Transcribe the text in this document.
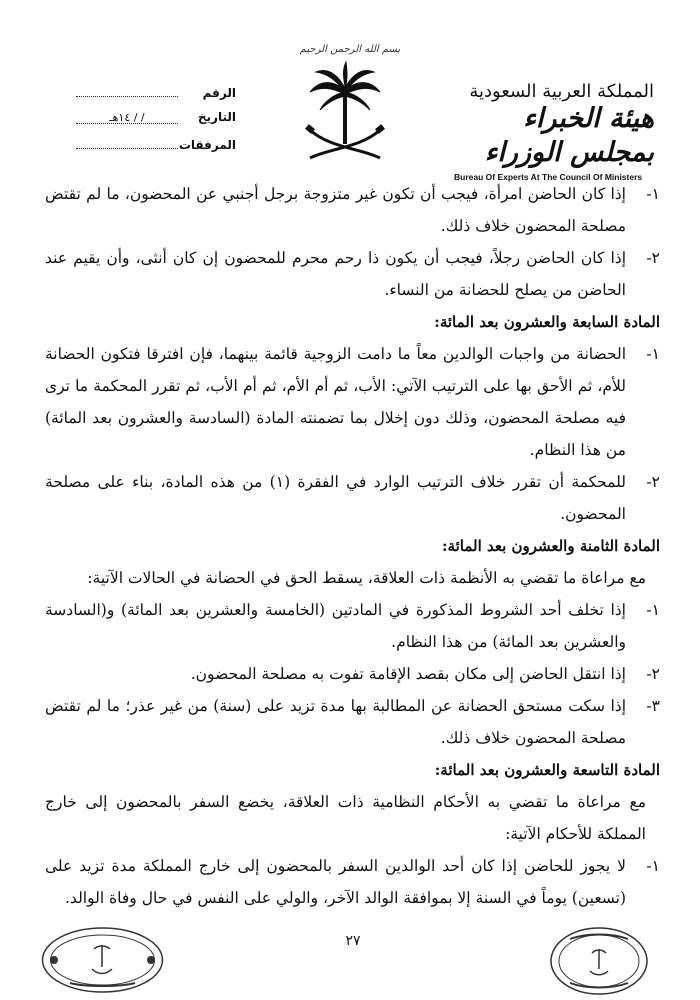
بسم الله الرحمن الرحيم
المملكة العربية السعودية
هيئة الخبراء بمجلس الوزراء
Bureau Of Experts At The Council Of Ministers
الرقم
التاريخ
/ / ١٤هـ
المرفقات
١-
إذا كان الحاضن امرأة، فيجب أن تكون غير متزوجة برجل أجنبي عن المحضون، ما لم تقتض مصلحة المحضون خلاف ذلك.
٢-
إذا كان الحاضن رجلاً، فيجب أن يكون ذا رحم محرم للمحضون إن كان أنثى، وأن يقيم عند الحاضن من يصلح للحضانة من النساء.
المادة السابعة والعشرون بعد المائة:
١-
الحضانة من واجبات الوالدين معاً ما دامت الزوجية قائمة بينهما، فإن افترقا فتكون الحضانة للأم، ثم الأحق بها على الترتيب الآتي: الأب، ثم أم الأم، ثم أم الأب، ثم تقرر المحكمة ما ترى فيه مصلحة المحضون، وذلك دون إخلال بما تضمنته المادة (السادسة والعشرون بعد المائة) من هذا النظام.
٢-
للمحكمة أن تقرر خلاف الترتيب الوارد في الفقرة (١) من هذه المادة، بناء على مصلحة المحضون.
المادة الثامنة والعشرون بعد المائة:
مع مراعاة ما تقضي به الأنظمة ذات العلاقة، يسقط الحق في الحضانة في الحالات الآتية:
١-
إذا تخلف أحد الشروط المذكورة في المادتين (الخامسة والعشرين بعد المائة) و(السادسة والعشرين بعد المائة) من هذا النظام.
٢-
إذا انتقل الحاضن إلى مكان بقصد الإقامة تفوت به مصلحة المحضون.
٣-
إذا سكت مستحق الحضانة عن المطالبة بها مدة تزيد على (سنة) من غير عذر؛ ما لم تقتض مصلحة المحضون خلاف ذلك.
المادة التاسعة والعشرون بعد المائة:
مع مراعاة ما تقضي به الأحكام النظامية ذات العلاقة، يخضع السفر بالمحضون إلى خارج المملكة للأحكام الآتية:
١-
لا يجوز للحاضن إذا كان أحد الوالدين السفر بالمحضون إلى خارج المملكة مدة تزيد على (تسعين) يوماً في السنة إلا بموافقة الوالد الآخر، والولي على النفس في حال وفاة الوالد.
٢٧
